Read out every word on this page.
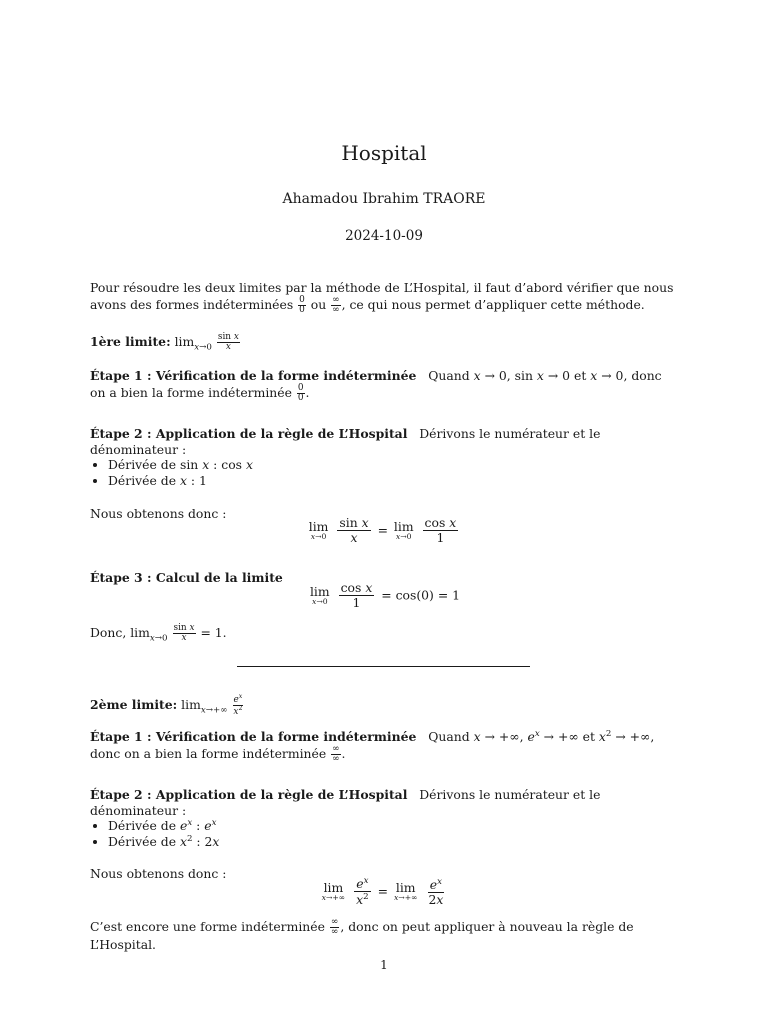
Hospital
Ahamadou Ibrahim TRAORE
2024-10-09
Pour résoudre les deux limites par la méthode de L’Hospital, il faut d’abord vérifier que nous avons des formes indéterminées $\frac{0}{0}$ ou $\frac{\infty}{\infty}$ , ce qui nous permet d’appliquer cette méthode.
1ère limite: $\lim_{x\to 0} \frac{\text{sin x}}{x}$
Étape 1 : Vérification de la forme indéterminée Quand x → 0, sin x → 0 et x → 0, donc on a bien la forme indéterminée $\frac{0}{0}$ .
Étape 2 : Application de la règle de L’Hospital Dérivons le numérateur et le dénominateur :
• Dérivée de sin x : cos x
• Dérivée de x : 1
Nous obtenons donc :
lim
x→0
$\frac{\text{sin x}}{x} = \lim$
x→0
$\frac{\text{cos x}}{1}$
Étape 3 : Calcul de la limite
lim
x→0
$\frac{\text{cos x}}{1} = \cos(0) = 1$
Donc, $\lim_{x\to 0} \frac{\text{sin x}}{x} = 1$.
2ème limite: $\lim_{x\to+\infty} \frac{e^x}{x^2}$
Étape 1 : Vérification de la forme indéterminée Quand x → +∞, $e^x$ → +∞ et $x^2$ → +∞, donc on a bien la forme indéterminée $\frac{\infty}{\infty}$ .
Étape 2 : Application de la règle de L’Hospital Dérivons le numérateur et le dénominateur :
• Dérivée de $e^x$ : $e^x$
• Dérivée de $x^2$ : 2x
Nous obtenons donc :
lim
x→+∞
$\frac{e^x}{x^2} = \lim$
x→+∞
$\frac{e^x}{2x}$
C’est encore une forme indéterminée $\frac{\infty}{\infty}$ , donc on peut appliquer à nouveau la règle de L’Hospital.
1
